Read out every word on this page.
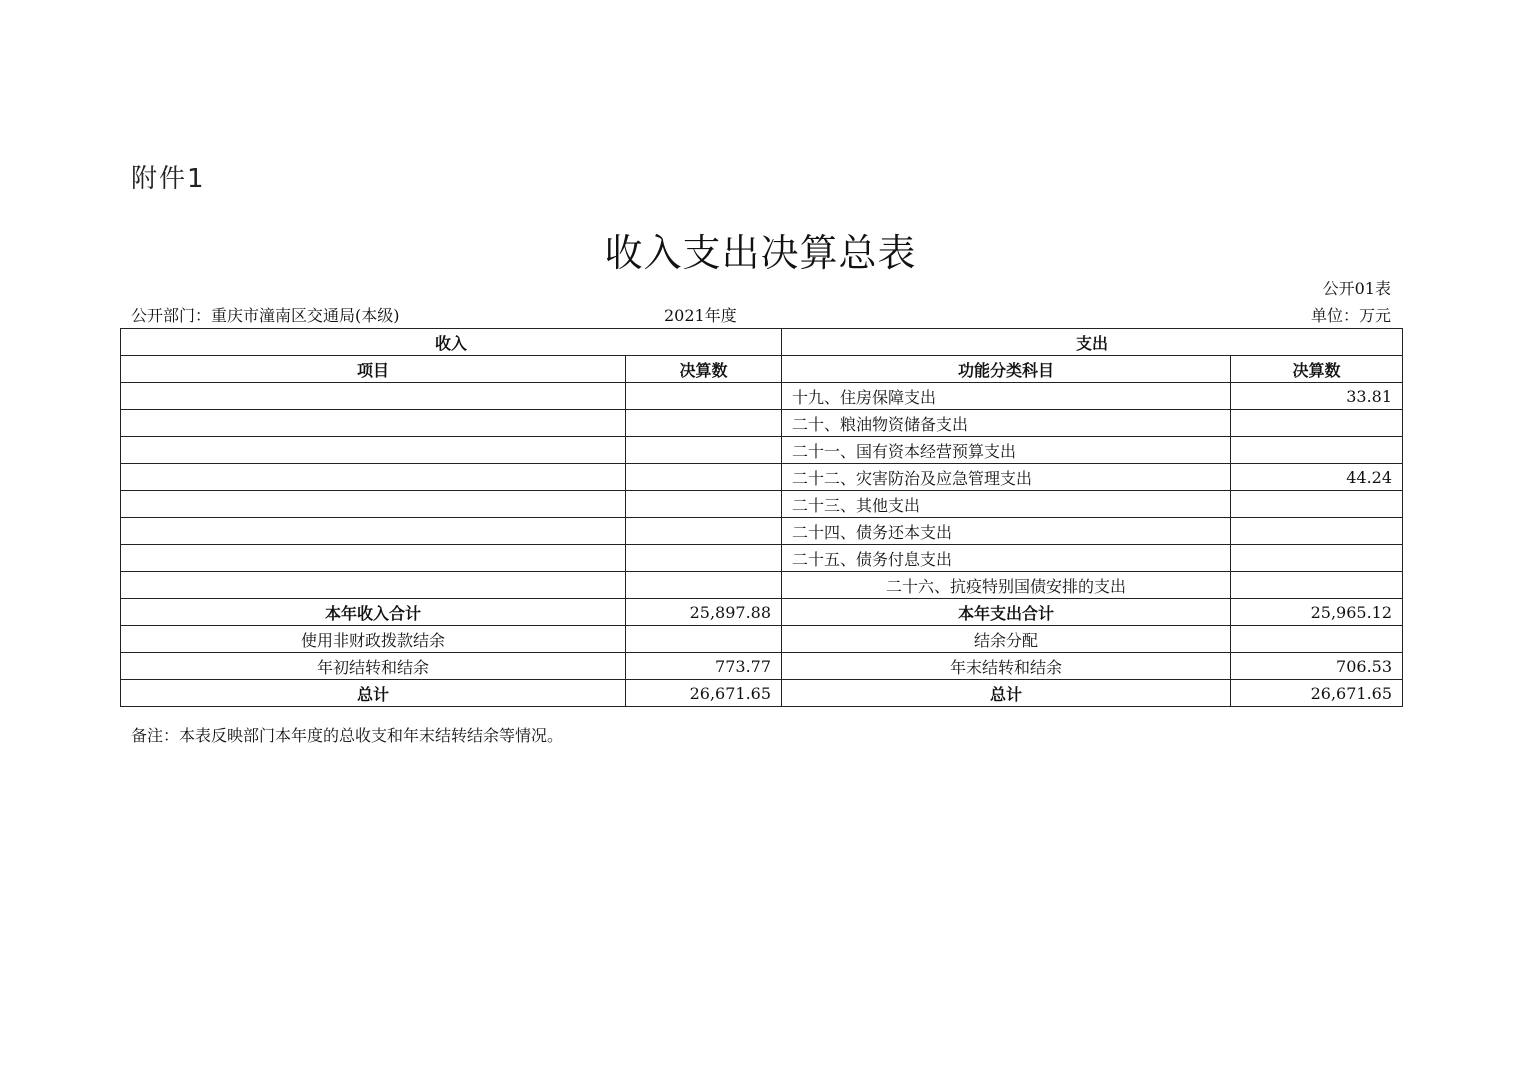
附件1
收入支出决算总表
公开01表
公开部门：重庆市潼南区交通局(本级)	2021年度	单位：万元
收入		支出	
项目	决算数	功能分类科目	决算数
		十九、住房保障支出	33.81
		二十、粮油物资储备支出	
		二十一、国有资本经营预算支出	
		二十二、灾害防治及应急管理支出	44.24
		二十三、其他支出	
		二十四、债务还本支出	
		二十五、债务付息支出	
		二十六、抗疫特别国债安排的支出	
本年收入合计	25,897.88	本年支出合计	25,965.12
使用非财政拨款结余		结余分配	
年初结转和结余	773.77	年末结转和结余	706.53
总计	26,671.65	总计	26,671.65
备注：本表反映部门本年度的总收支和年末结转结余等情况。
